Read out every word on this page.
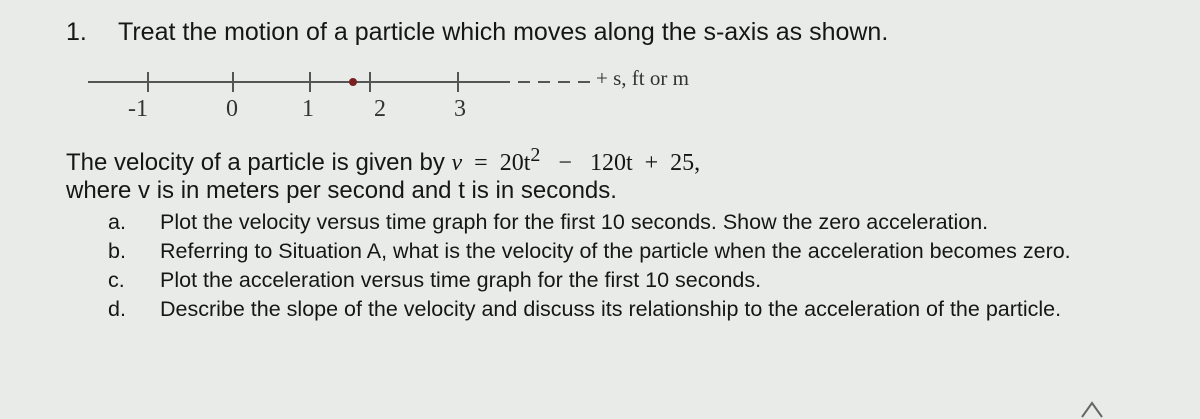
1. Treat the motion of a particle which moves along the s-axis as shown.
-1	0	1	2	3
+ s, ft or m
The velocity of a particle is given by $v = 20t^2 - 120t + 25$,
where v is in meters per second and t is in seconds.
a. Plot the velocity versus time graph for the first 10 seconds. Show the zero acceleration.
b. Referring to Situation A, what is the velocity of the particle when the acceleration becomes zero.
c. Plot the acceleration versus time graph for the first 10 seconds.
d. Describe the slope of the velocity and discuss its relationship to the acceleration of the particle.
